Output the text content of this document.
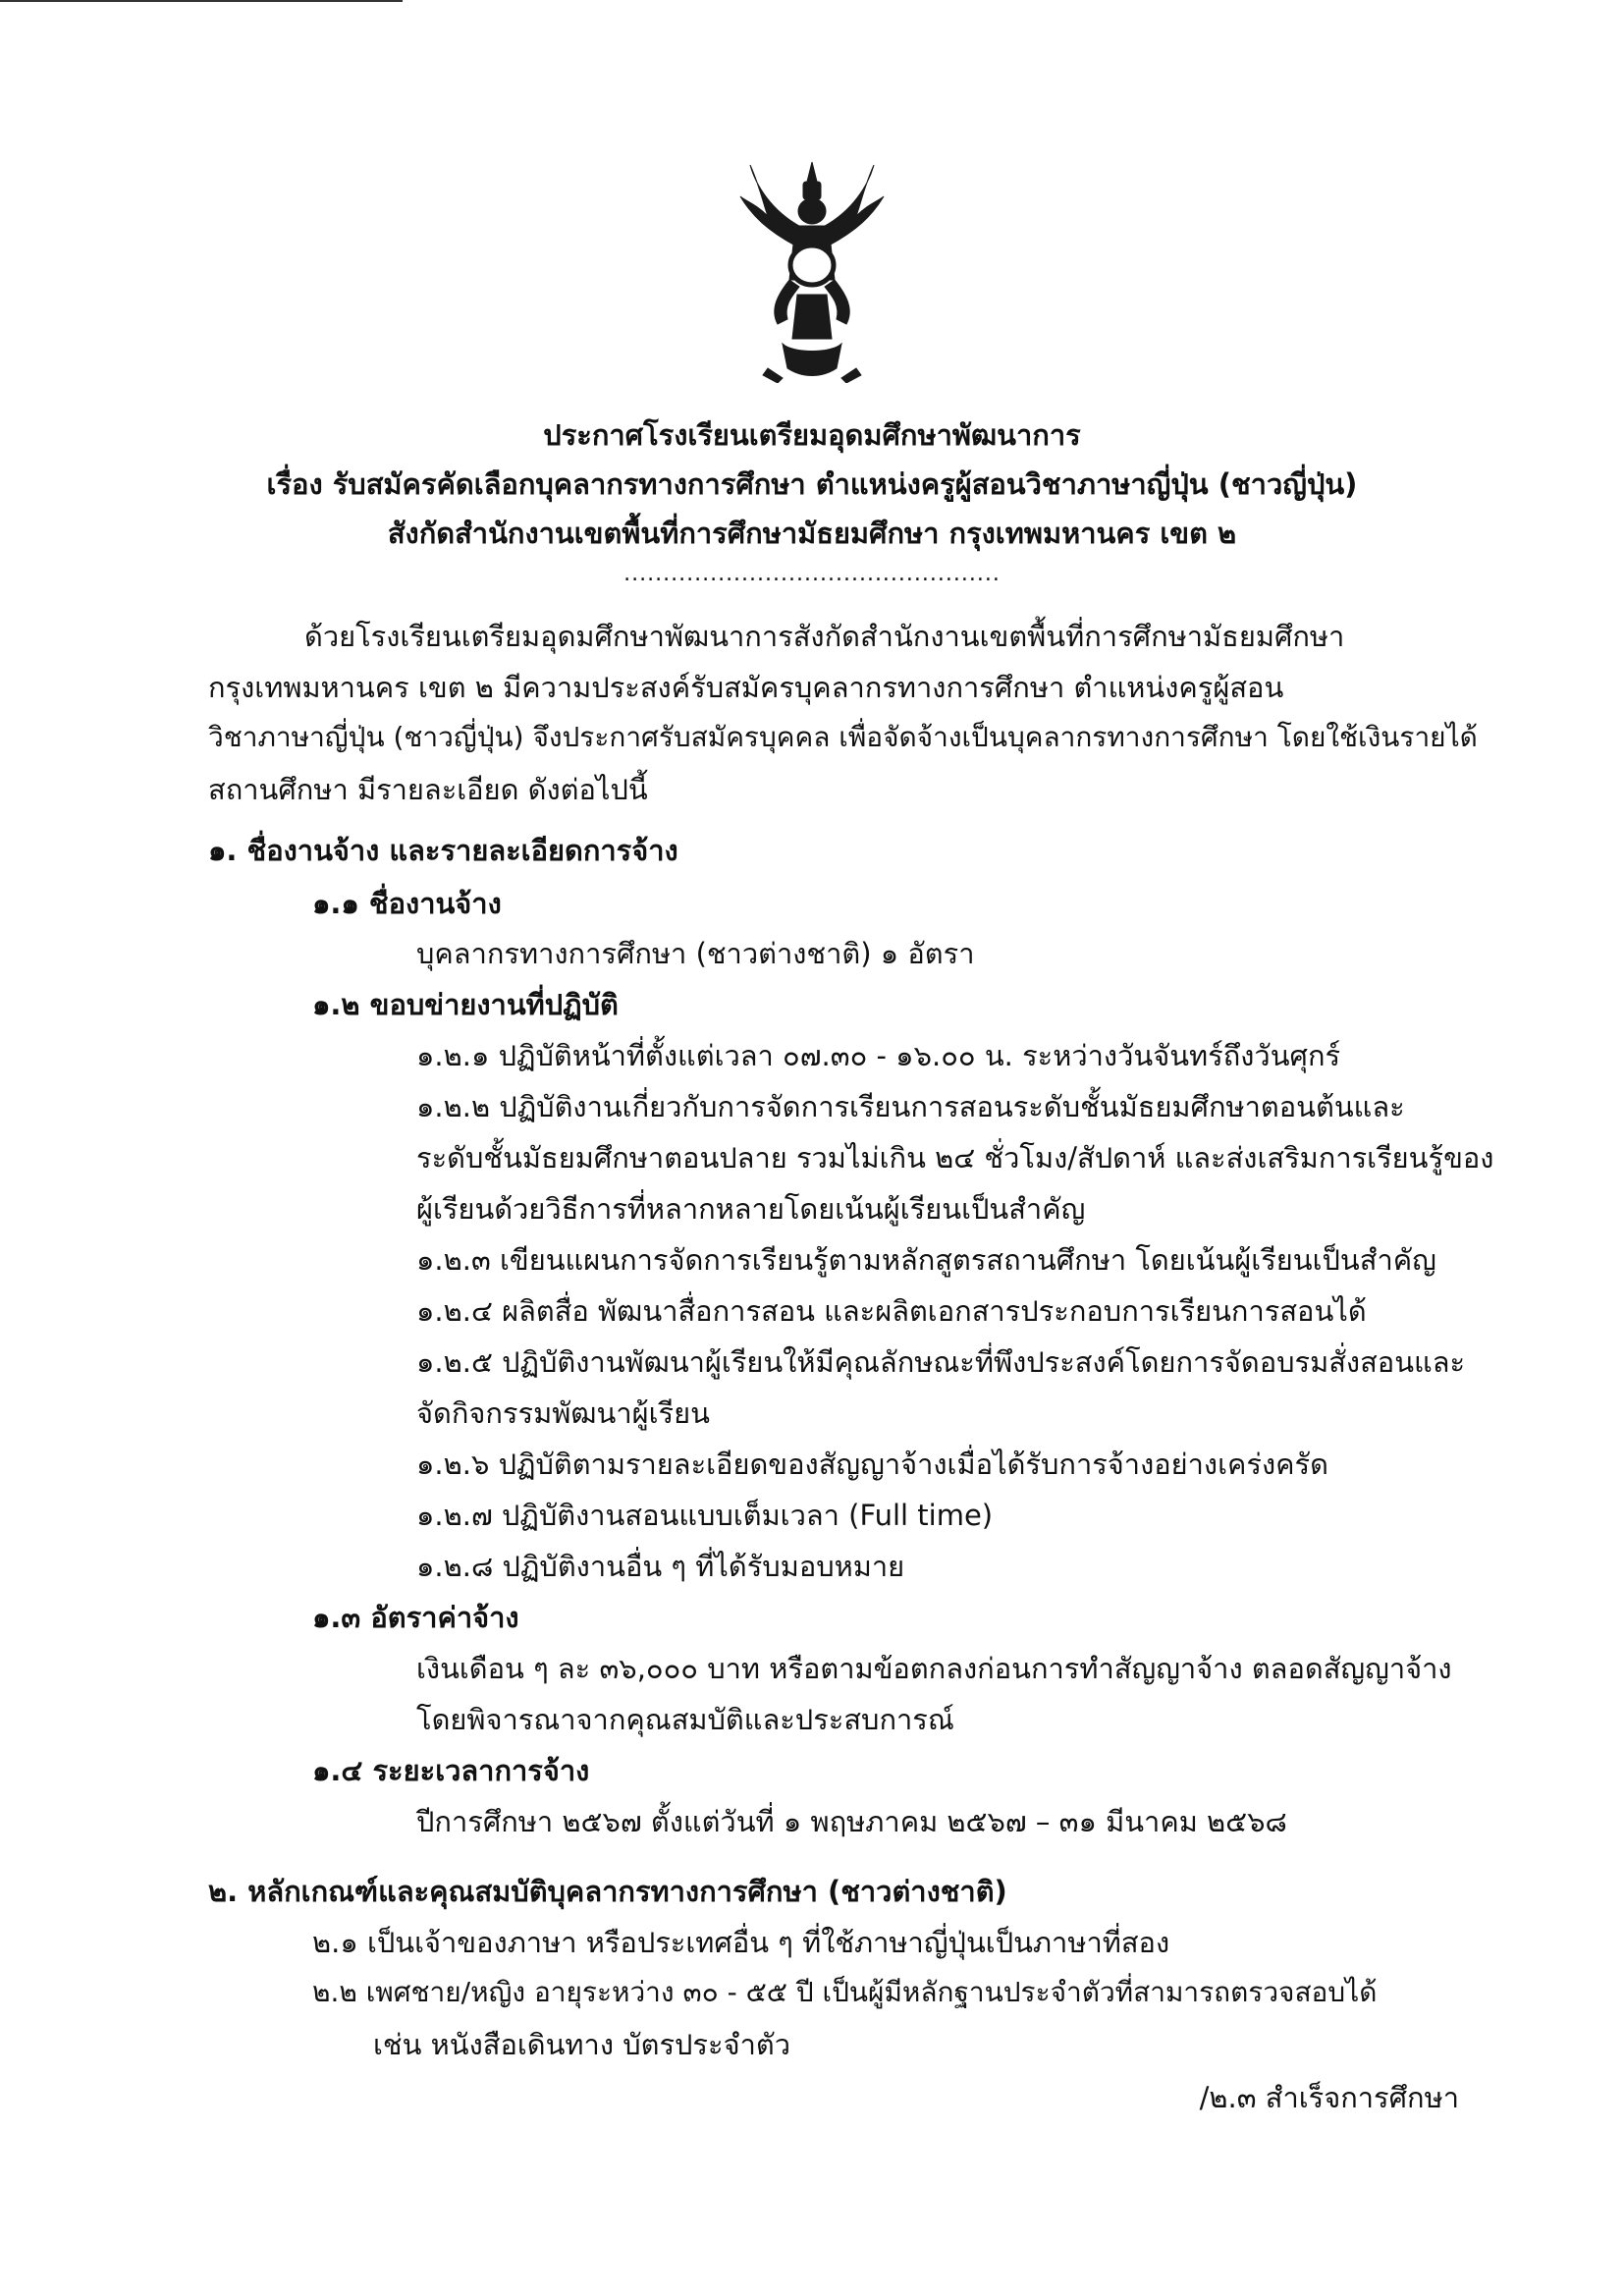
ประกาศโรงเรียนเตรียมอุดมศึกษาพัฒนาการ
เรื่อง รับสมัครคัดเลือกบุคลากรทางการศึกษา ตำแหน่งครูผู้สอนวิชาภาษาญี่ปุ่น (ชาวญี่ปุ่น)
สังกัดสำนักงานเขตพื้นที่การศึกษามัธยมศึกษา กรุงเทพมหานคร เขต ๒
................................................
ด้วยโรงเรียนเตรียมอุดมศึกษาพัฒนาการสังกัดสำนักงานเขตพื้นที่การศึกษามัธยมศึกษา
กรุงเทพมหานคร เขต ๒ มีความประสงค์รับสมัครบุคลากรทางการศึกษา ตำแหน่งครูผู้สอน
วิชาภาษาญี่ปุ่น (ชาวญี่ปุ่น) จึงประกาศรับสมัครบุคคล เพื่อจัดจ้างเป็นบุคลากรทางการศึกษา โดยใช้เงินรายได้
สถานศึกษา มีรายละเอียด ดังต่อไปนี้
๑. ชื่องานจ้าง และรายละเอียดการจ้าง
๑.๑ ชื่องานจ้าง
บุคลากรทางการศึกษา (ชาวต่างชาติ) ๑ อัตรา
๑.๒ ขอบข่ายงานที่ปฏิบัติ
๑.๒.๑ ปฏิบัติหน้าที่ตั้งแต่เวลา ๐๗.๓๐ - ๑๖.๐๐ น. ระหว่างวันจันทร์ถึงวันศุกร์
๑.๒.๒ ปฏิบัติงานเกี่ยวกับการจัดการเรียนการสอนระดับชั้นมัธยมศึกษาตอนต้นและ
ระดับชั้นมัธยมศึกษาตอนปลาย รวมไม่เกิน ๒๔ ชั่วโมง/สัปดาห์ และส่งเสริมการเรียนรู้ของ
ผู้เรียนด้วยวิธีการที่หลากหลายโดยเน้นผู้เรียนเป็นสำคัญ
๑.๒.๓ เขียนแผนการจัดการเรียนรู้ตามหลักสูตรสถานศึกษา โดยเน้นผู้เรียนเป็นสำคัญ
๑.๒.๔ ผลิตสื่อ พัฒนาสื่อการสอน และผลิตเอกสารประกอบการเรียนการสอนได้
๑.๒.๕ ปฏิบัติงานพัฒนาผู้เรียนให้มีคุณลักษณะที่พึงประสงค์โดยการจัดอบรมสั่งสอนและ
จัดกิจกรรมพัฒนาผู้เรียน
๑.๒.๖ ปฏิบัติตามรายละเอียดของสัญญาจ้างเมื่อได้รับการจ้างอย่างเคร่งครัด
๑.๒.๗ ปฏิบัติงานสอนแบบเต็มเวลา (Full time)
๑.๒.๘ ปฏิบัติงานอื่น ๆ ที่ได้รับมอบหมาย
๑.๓ อัตราค่าจ้าง
เงินเดือน ๆ ละ ๓๖,๐๐๐ บาท หรือตามข้อตกลงก่อนการทำสัญญาจ้าง ตลอดสัญญาจ้าง
โดยพิจารณาจากคุณสมบัติและประสบการณ์
๑.๔ ระยะเวลาการจ้าง
ปีการศึกษา ๒๕๖๗ ตั้งแต่วันที่ ๑ พฤษภาคม ๒๕๖๗ – ๓๑ มีนาคม ๒๕๖๘
๒. หลักเกณฑ์และคุณสมบัติบุคลากรทางการศึกษา (ชาวต่างชาติ)
๒.๑ เป็นเจ้าของภาษา หรือประเทศอื่น ๆ ที่ใช้ภาษาญี่ปุ่นเป็นภาษาที่สอง
๒.๒ เพศชาย/หญิง อายุระหว่าง ๓๐ - ๕๕ ปี เป็นผู้มีหลักฐานประจำตัวที่สามารถตรวจสอบได้
เช่น หนังสือเดินทาง บัตรประจำตัว
/๒.๓ สำเร็จการศึกษา
